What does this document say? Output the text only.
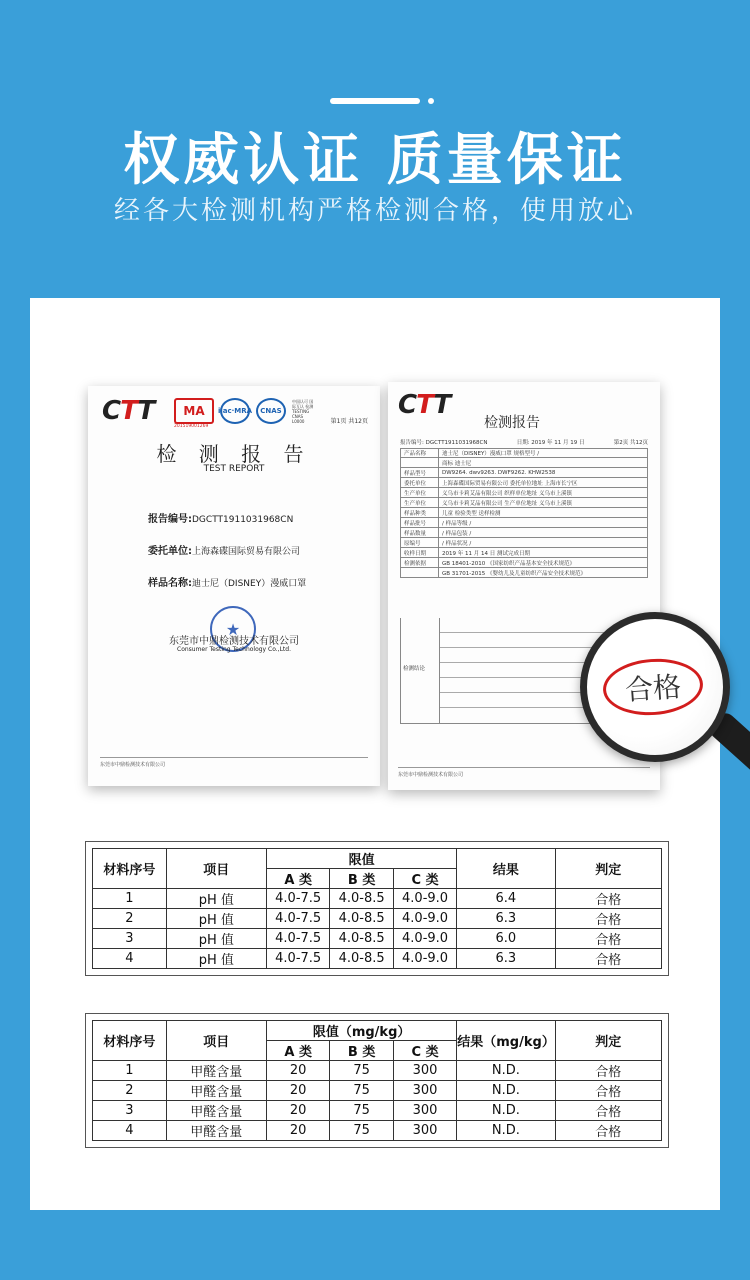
权威认证 质量保证
经各大检测机构严格检测合格，使用放心
CTT MA ilac·MRA CNAS
中国认可 国际互认 检测 TESTING CNAS L0000
201519001269
第1页 共12页
检 测 报 告
TEST REPORT
报告编号:DGCTT1911031968CN
委托单位:上海森碟国际贸易有限公司
样品名称:迪士尼（DISNEY）漫威口罩
★
东莞市中鼎检测技术有限公司
Consumer Testing Technology Co.,Ltd.
东莞市中鼎检测技术有限公司
CTT
检测报告
报告编号: DGCTT1911031968CN	日期: 2019 年 11 月 19 日	第2页 共12页
产品名称	迪士尼（DISNEY）漫威口罩 规格型号 /
商标 迪士尼
样品型号	DW9264. dwv9263. DWF9262. KHW2538
委托单位	上海森碟国际贸易有限公司 委托单位地址 上海市长宁区
生产单位	义乌市卡莉艾品有限公司 织样单位地址 义乌市上溪镇
生产单位	义乌市卡莉艾品有限公司 生产单位地址 义乌市上溪镇
样品种类	儿童 检验类型 送样检测
样品批号	/ 样品等级 /
样品数量	/ 样品包装 /
原编号	/ 样品状况 /
收样日期	2019 年 11 月 14 日 测试完成日期
检测依据	GB 18401-2010 《国家纺织产品基本安全技术规范》
GB 31701-2015 《婴幼儿及儿童纺织产品安全技术规范》
检测结论
东莞市中鼎检测技术有限公司
合格
材料序号	项目	限值			结果	判定
		A 类	B 类	C 类		
1	pH 值	4.0-7.5	4.0-8.5	4.0-9.0	6.4	合格
2	pH 值	4.0-7.5	4.0-8.5	4.0-9.0	6.3	合格
3	pH 值	4.0-7.5	4.0-8.5	4.0-9.0	6.0	合格
4	pH 值	4.0-7.5	4.0-8.5	4.0-9.0	6.3	合格
材料序号	项目	限值（mg/kg）			结果（mg/kg）	判定
		A 类	B 类	C 类		
1	甲醛含量	20	75	300	N.D.	合格
2	甲醛含量	20	75	300	N.D.	合格
3	甲醛含量	20	75	300	N.D.	合格
4	甲醛含量	20	75	300	N.D.	合格
